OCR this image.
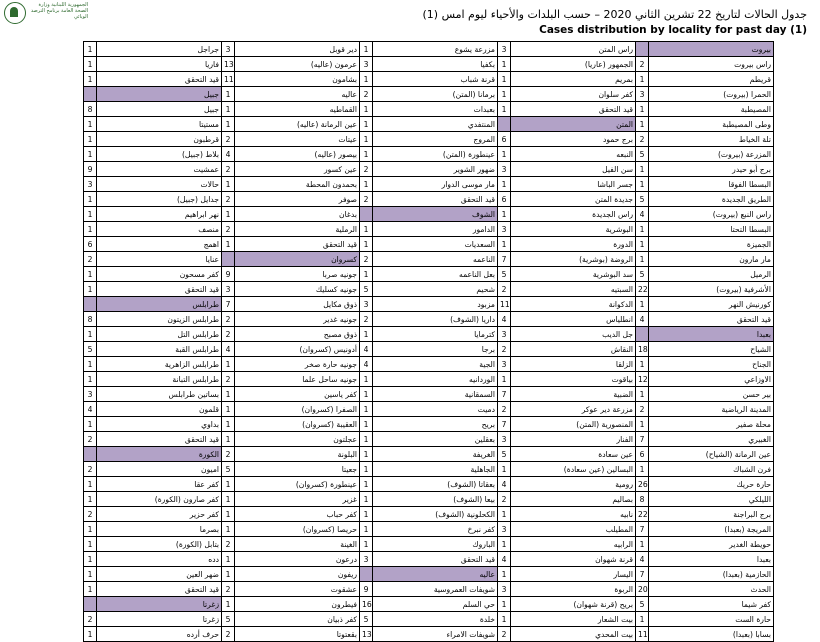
الجمهورية اللبنانية وزارة الصحة العامة برنامج الترصد الوبائي	جدول الحالات لتاريخ 22 تشرين الثاني 2020 – حسب البلدات والأحياء ليوم امس (1)
Cases distribution by locality for past day (1)
1	جراجل	3	دير قوبل	1	مزرعة يشوع	3	راس المتن		بيروت
1	فاريا	13	عرمون (عاليه)	3	بكفيا	1	الجمهور (عاريا)	2	راس بيروت
1	قيد التحقق	11	بشامون	1	قرنة شباب	1	بمريم	1	قريطم
	جبيل	1	عاليه	2	برمانا (المتن)	1	كفر سلوان	3	الحمرا (بيروت)
8	جبيل	1	القماطيه	1	بعبدات	1	قيد التحقق	1	المصيطبة
1	مستيتا	1	عين الرمانة (عاليه)	1	المنتفدي		المتن	1	وطى المصيطبة
1	قرطبون	2	عيتات	1	المروج	6	برج حمود	2	تلة الخياط
1	بلاط (جبيل)	4	بيصور (عاليه)	1	عينطورة (المتن)	1	النبعه	5	المزرعة (بيروت)
9	عمشيت	2	عين كسور	2	ضهور الشوير	3	سن الفيل	1	برج أبو حيدر
3	حالات	1	بحمدون المحطة	1	مار موسى الدوار	1	جسر الباشا	1	البسطا الفوقا
1	جدايل (جبيل)	2	صوفر	2	قيد التحقق	6	جديدة المتن	5	الطريق الجديدة
1	نهر ابراهيم	1	بدغان		الشوف	1	راس الجديدة	4	راس النبع (بيروت)
1	منصف	2	الرملية	1	الدامور	3	البوشرية	1	البسطا التحتا
6	اهمج	1	قيد التحقق	1	السعديات	1	الدورة	1	الجميزة
2	عنايا		كسروان	2	الناعمه	7	الروضة (بوشرية)	1	مار مارون
1	كفر مسحون	9	جونيه صربا	1	بعل الناعمه	5	سد البوشرية	5	الرميل
1	قيد التحقق	3	جونيه كسليك	5	شحيم	2	السبتيه	22	الأشرفية (بيروت)
	طرابلس	7	ذوق مكايل	3	مزبود	11	الدكوانة	1	كورنيش النهر
8	طرابلس الزيتون	2	جونيه غدير	2	داريا (الشوف)	4	انطلياس	4	قيد التحقق
1	طرابلس التل	2	ذوق مصبح	1	كترمايا	3	جل الديب		بعبدا
5	طرابلس القبة	4	أدونيس (كسروان)	4	برجا	2	النقاش	18	الشياح
1	طرابلس الزاهرية	1	جونيه حارة صخر	4	الجية	3	الزلقا	1	الجناح
1	طرابلس التبانة	2	جونيه ساحل علما	1	الوردانيه	1	بياقوت	12	الاوزاعي
3	بساتين طرابلس	1	كفر ياسين	1	السمقانية	7	الضبية	1	بير حسن
4	قلمون	1	الصفرا (كسروان)	1	دميت	2	مزرعة دير عوكر	2	المدينة الرياضية
1	بداوي	1	العقيبة (كسروان)	1	بريح	7	المنصورية (المتن)	1	محلة صفير
2	قيد التحقق	1	عجلتون	1	بعقلين	3	الفنار	7	الغبيري
	الكورة	2	البلونة	1	الغريفة	5	عين سعادة	6	عين الرمانة (الشياح)
2	اميون	5	جعيتا	1	الجاهلية	1	البسالين (عين سعادة)	1	فرن الشباك
1	كفر عقا	1	عينطورة (كسروان)	1	بعقاتا (الشوف)	4	رومية	26	حارة حريك
1	كفر صارون (الكورة)	1	غزير	1	بيعا (الشوف)	2	بصاليم	8	الليلكي
2	كفر حزير	1	كفر حباب	1	الكحلونية (الشوف)	1	نابيه	22	برج البراجنة
1	بصرما	1	حريصا (كسروان)	1	كفر نبرخ	3	المطيلب	7	المريجة (بعبدا)
1	بتابل (الكورة)	2	الغينة	1	الباروك	1	الرابيه	1	حويطة الغدير
1	دده	1	درعون	3	قيد التحقق	4	قرنة شهوان	4	بعبدا
1	ضهر العين	1	ريفون		عاليه	1	اليسار	7	الحازمية (بعبدا)
1	قيد التحقق	2	عشقوت	9	شويفات العمروسية	3	الربوة	20	الحدث
	زغرتا	1	فيطرون	16	حي السلم	1	بريح (قرنة شهوان)	5	كفر شيما
2	زغرتا	5	كفر ذبيان	5	خلدة	1	بيت الشعار	1	حارة الست
1	حرف أرده	2	بقعتوتا	13	شويفات الامراء	2	بيت المحدي	11	بسابا (بعبدا)
